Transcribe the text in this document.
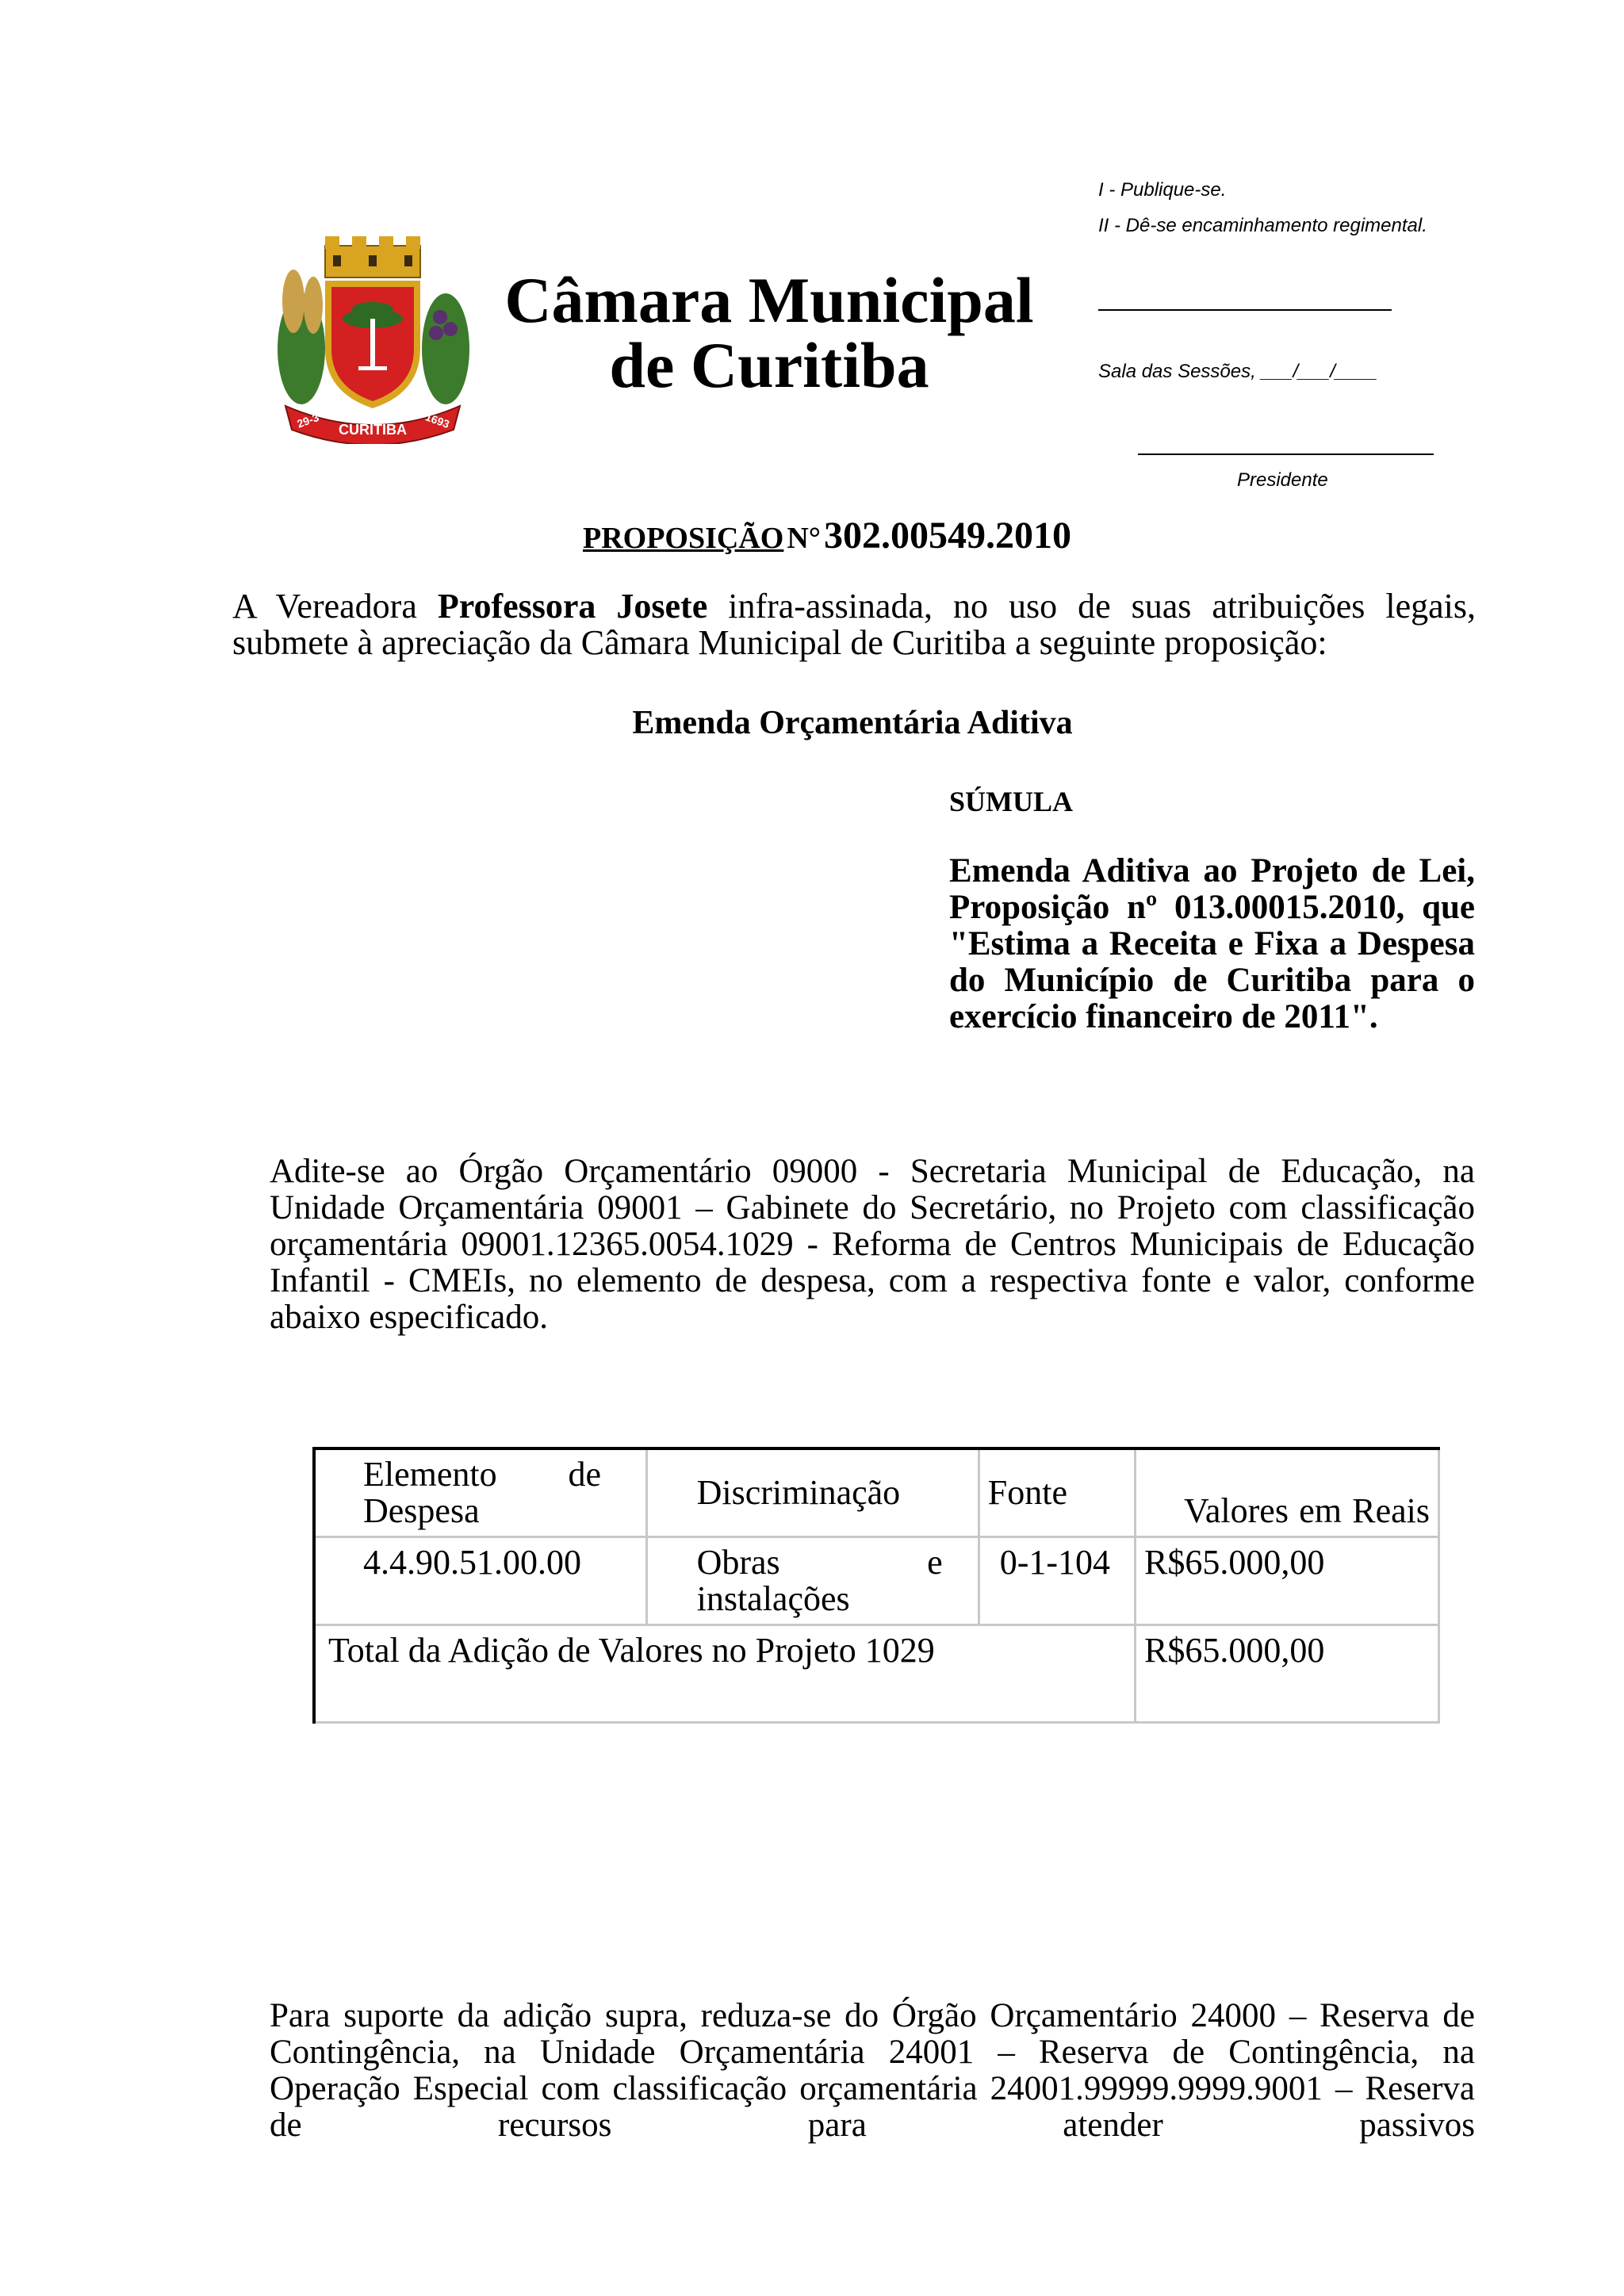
CURITIBA
29-3	1693
Câmara Municipal
de Curitiba
I - Publique-se.
II - Dê-se encaminhamento regimental.
Sala das Sessões, ___/___/____
Presidente
PROPOSIÇÃO N° 302.00549.2010
A Vereadora Professora Josete infra-assinada, no uso de suas atribuições legais, submete à apreciação da Câmara Municipal de Curitiba a seguinte proposição:
Emenda Orçamentária Aditiva
SÚMULA
Emenda Aditiva ao Projeto de Lei, Proposição nº 013.00015.2010, que "Estima a Receita e Fixa a Despesa do Município de Curitiba para o exercício financeiro de 2011".
Adite-se ao Órgão Orçamentário 09000 - Secretaria Municipal de Educação, na Unidade Orçamentária 09001 – Gabinete do Secretário, no Projeto com classificação orçamentária 09001.12365.0054.1029 - Reforma de Centros Municipais de Educação Infantil - CMEIs, no elemento de despesa, com a respectiva fonte e valor, conforme abaixo especificado.
Elemento de Despesa	Discriminação	Fonte	Valores em Reais

4.4.90.51.00.00	Obras e instalações	0-1-104	R$65.000,00
Total da Adição de Valores no Projeto 1029			R$65.000,00
Para suporte da adição supra, reduza-se do Órgão Orçamentário 24000 – Reserva de Contingência, na Unidade Orçamentária 24001 – Reserva de Contingência, na Operação Especial com classificação orçamentária 24001.99999.9999.9001 – Reserva de recursos para atender passivos
